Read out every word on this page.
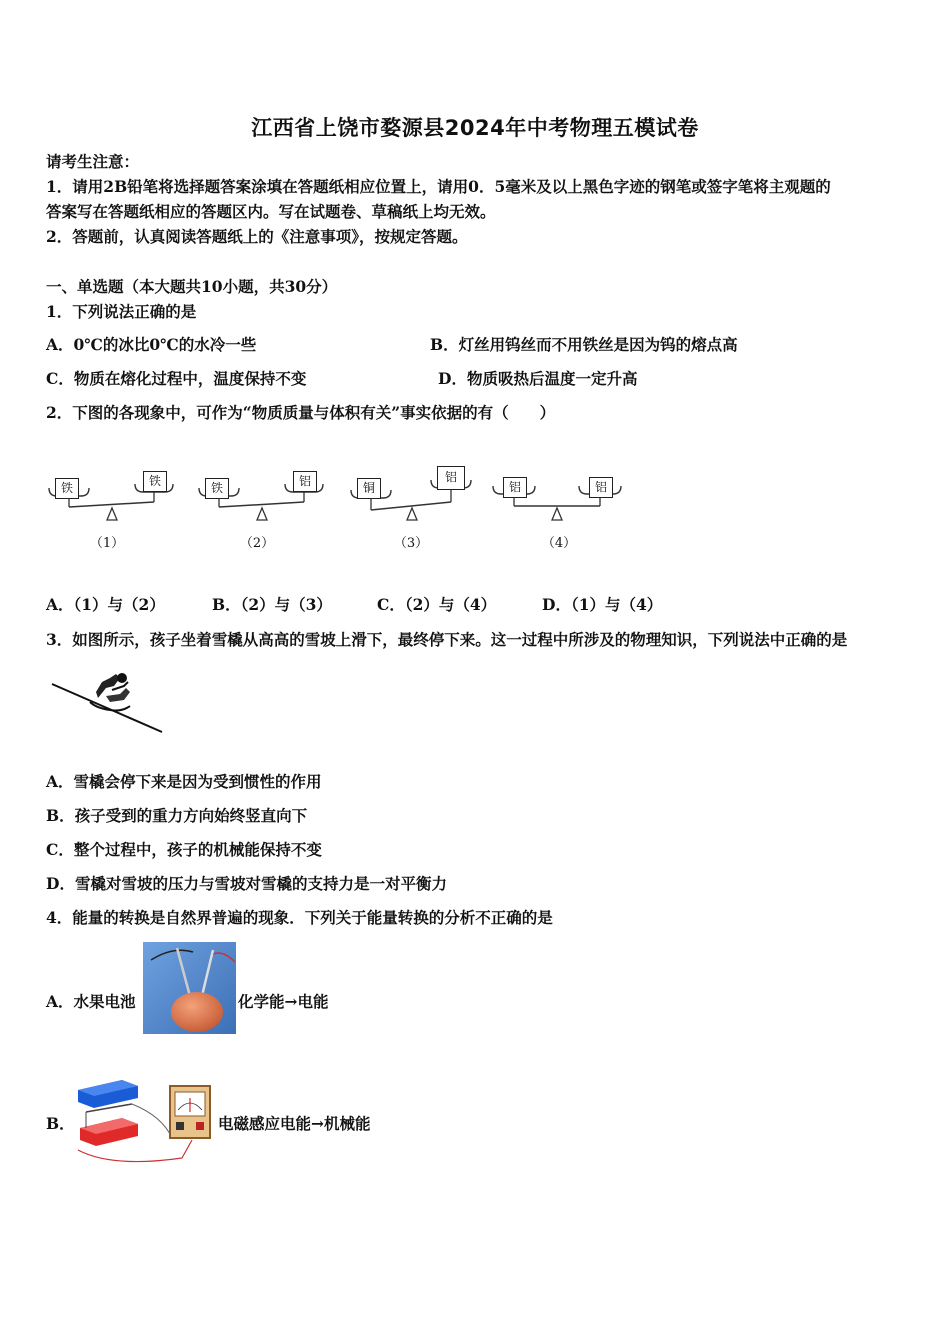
江西省上饶市婺源县2024年中考物理五模试卷
请考生注意：
1．请用2B铅笔将选择题答案涂填在答题纸相应位置上，请用0．5毫米及以上黑色字迹的钢笔或签字笔将主观题的
答案写在答题纸相应的答题区内。写在试题卷、草稿纸上均无效。
2．答题前，认真阅读答题纸上的《注意事项》，按规定答题。
一、单选题（本大题共10小题，共30分）
1．下列说法正确的是
A．0℃的冰比0℃的水冷一些	B．灯丝用钨丝而不用铁丝是因为钨的熔点高
C．物质在熔化过程中，温度保持不变	D．物质吸热后温度一定升高
2．下图的各现象中，可作为“物质质量与体积有关”事实依据的有（　　）
铁	铁
（1）
铁	铝
（2）
铜
铝
（3）
铝	铝
（4）
A．（1）与（2）	B．（2）与（3）	C．（2）与（4）	D．（1）与（4）
3．如图所示，孩子坐着雪橇从高高的雪坡上滑下，最终停下来。这一过程中所涉及的物理知识，下列说法中正确的是
A．雪橇会停下来是因为受到惯性的作用
B．孩子受到的重力方向始终竖直向下
C．整个过程中，孩子的机械能保持不变
D．雪橇对雪坡的压力与雪坡对雪橇的支持力是一对平衡力
4．能量的转换是自然界普遍的现象．下列关于能量转换的分析不正确的是
A．水果电池	化学能→电能
B．	电磁感应电能→机械能
